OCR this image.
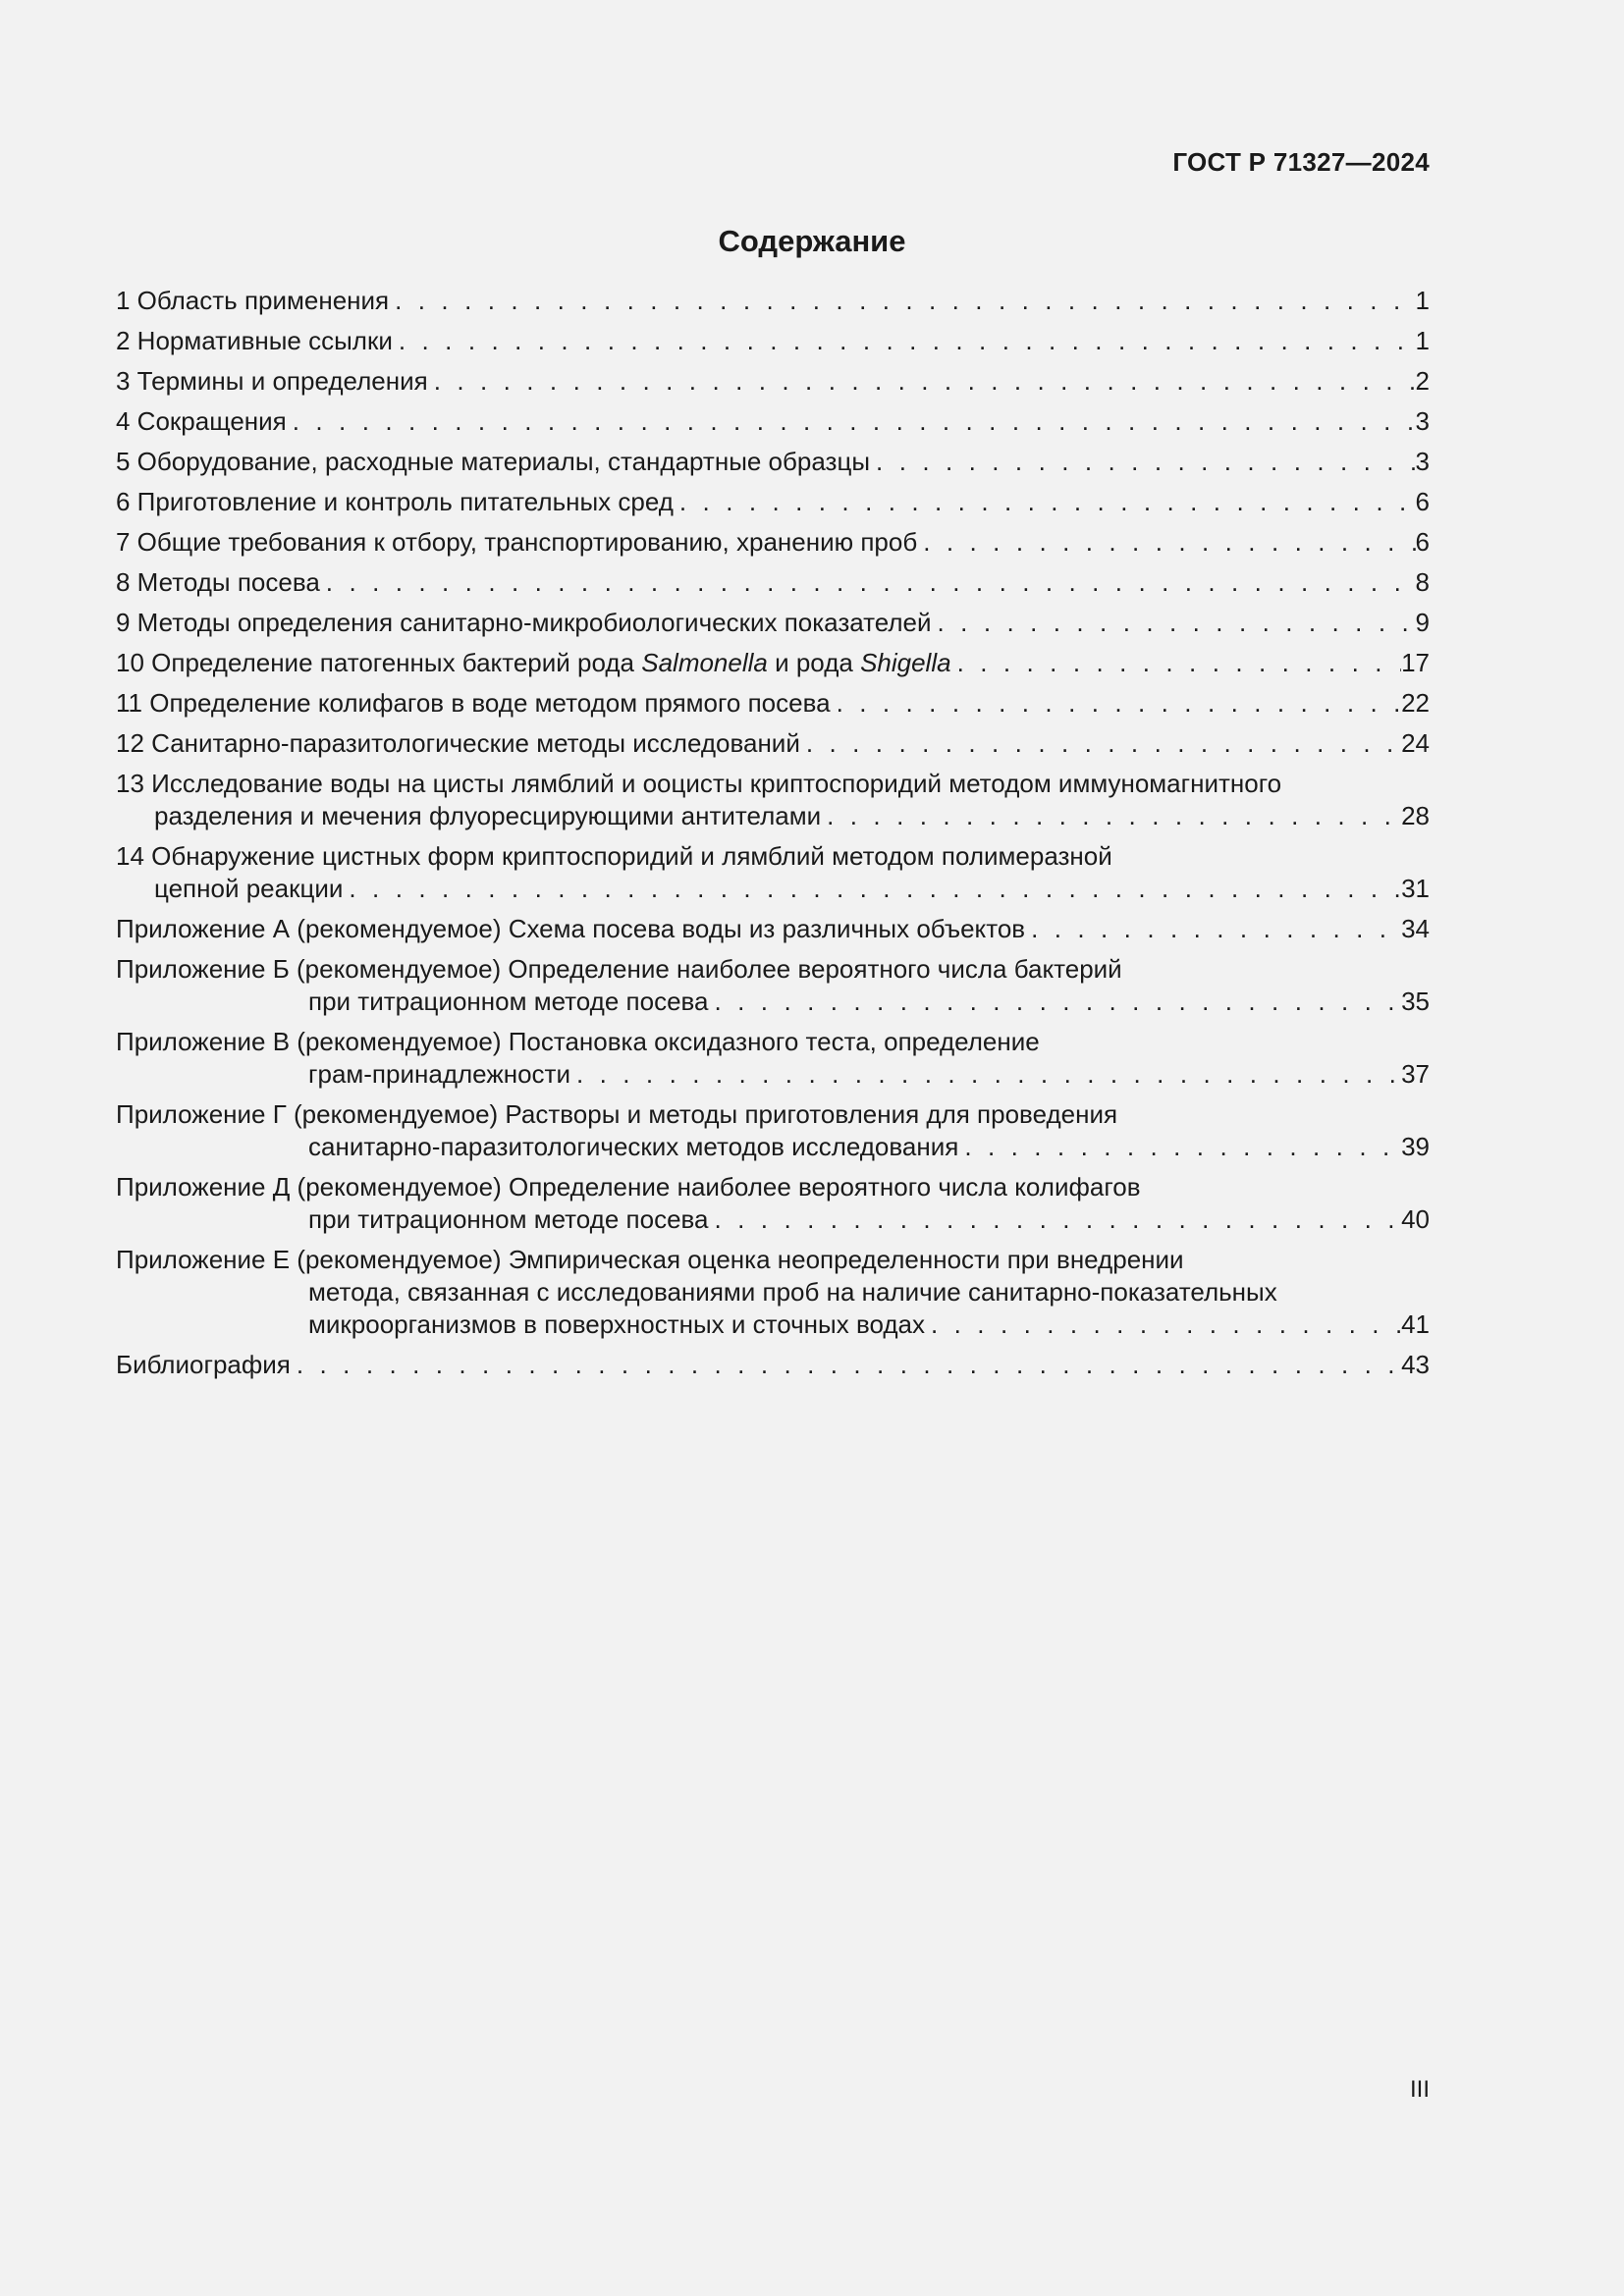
ГОСТ Р 71327—2024
Содержание
1 Область применения . . .	1
2 Нормативные ссылки . . .	1
3 Термины и определения . . .	2
4 Сокращения . . .	3
5 Оборудование, расходные материалы, стандартные образцы . . .	3
6 Приготовление и контроль питательных сред . . .	6
7 Общие требования к отбору, транспортированию, хранению проб . . .	6
8 Методы посева . . .	8
9 Методы определения санитарно-микробиологических показателей . . .	9
10 Определение патогенных бактерий рода Salmonella и рода Shigella . . .	17
11 Определение колифагов в воде методом прямого посева . . .	22
12 Санитарно-паразитологические методы исследований . . .	24
13 Исследование воды на цисты лямблий и ооцисты криптоспоридий методом иммуномагнитного
разделения и мечения флуоресцирующими антителами . . .	28
14 Обнаружение цистных форм криптоспоридий и лямблий методом полимеразной
цепной реакции . . .	31
Приложение А (рекомендуемое) Схема посева воды из различных объектов . . .	34
Приложение Б (рекомендуемое) Определение наиболее вероятного числа бактерий
при титрационном методе посева . . .	35
Приложение В (рекомендуемое) Постановка оксидазного теста, определение
грам-принадлежности . . .	37
Приложение Г (рекомендуемое) Растворы и методы приготовления для проведения
санитарно-паразитологических методов исследования . . .	39
Приложение Д (рекомендуемое) Определение наиболее вероятного числа колифагов
при титрационном методе посева . . .	40
Приложение Е (рекомендуемое) Эмпирическая оценка неопределенности при внедрении
метода, связанная с исследованиями проб на наличие санитарно-показательных
микроорганизмов в поверхностных и сточных водах . . .	41
Библиография . . .	43
III
